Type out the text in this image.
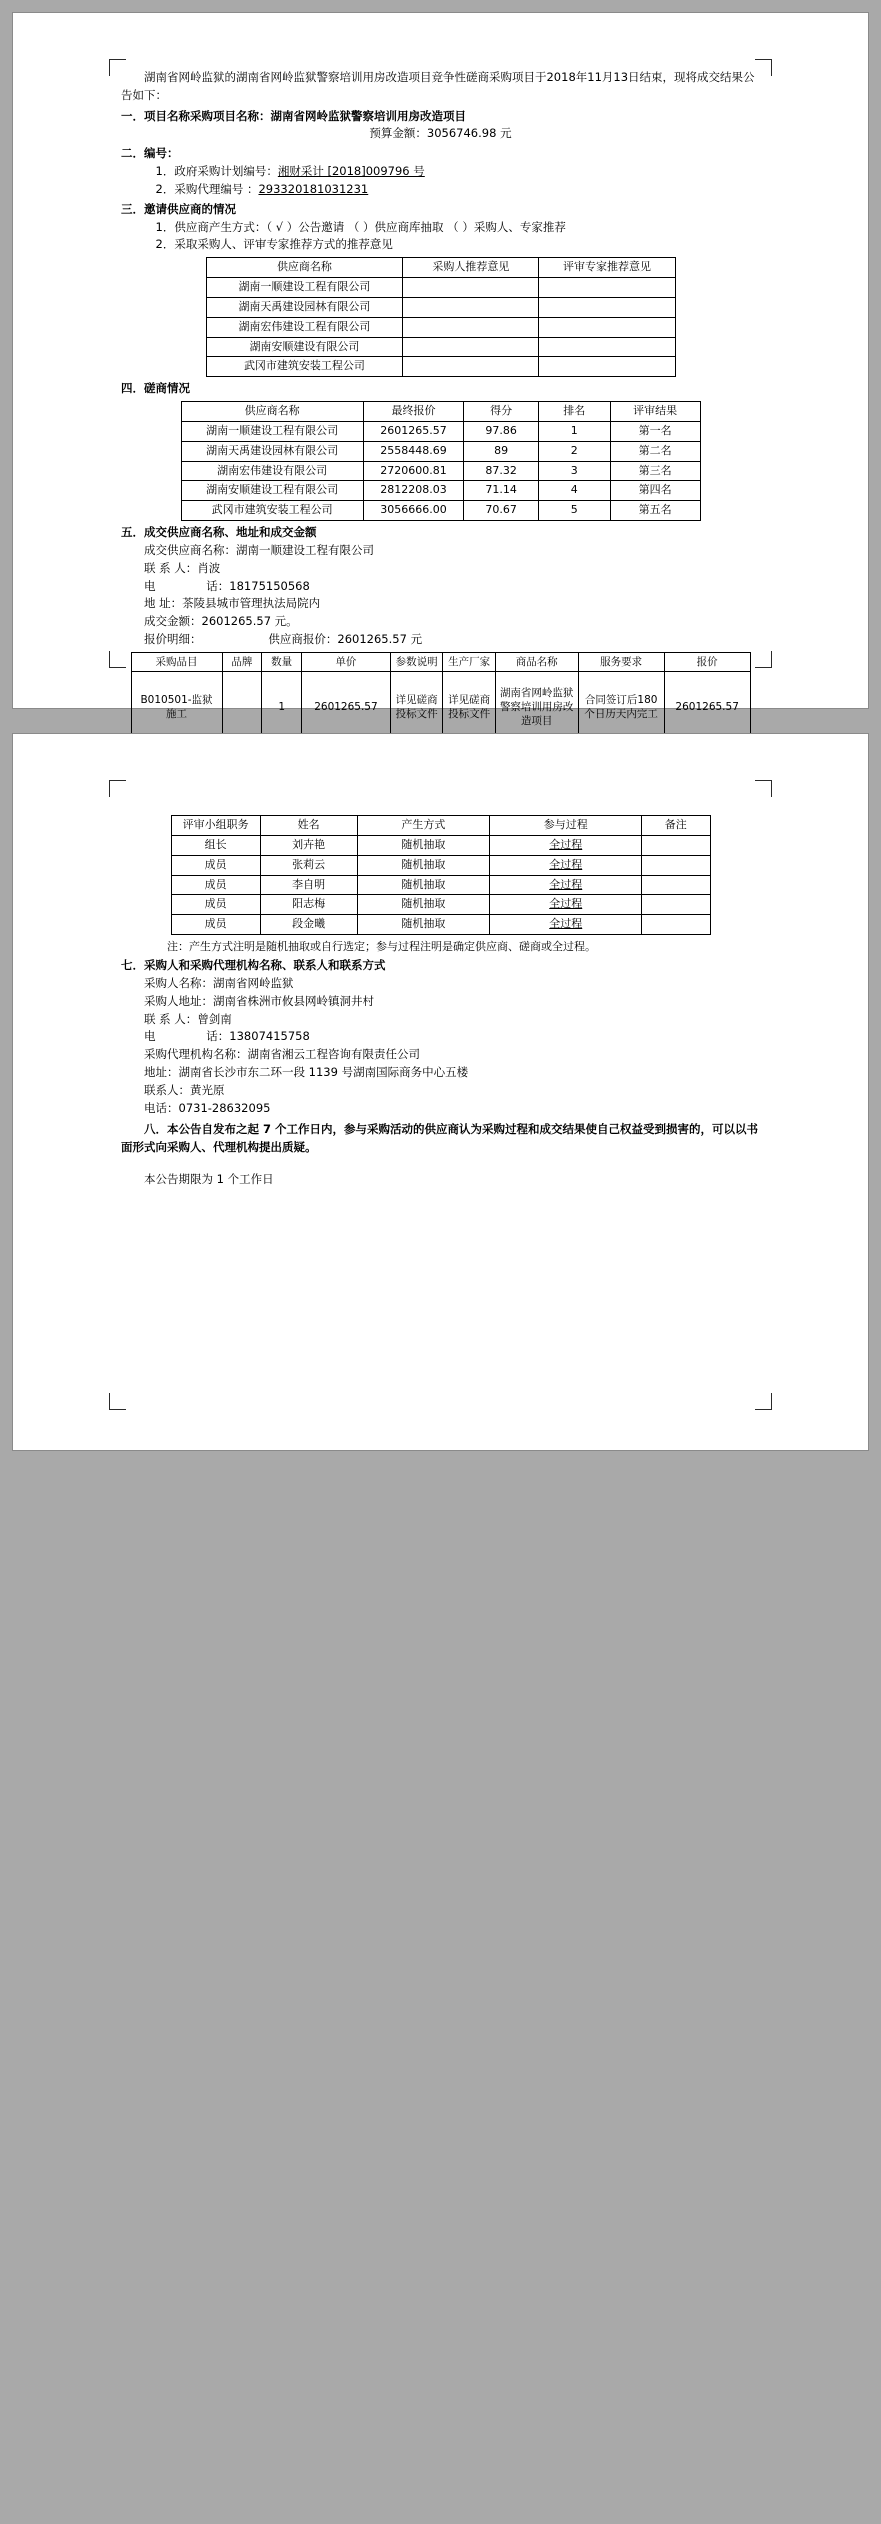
湖南省网岭监狱的湖南省网岭监狱警察培训用房改造项目竞争性磋商采购项目于2018年11月13日结束，现将成交结果公告如下：

一．项目名称采购项目名称：湖南省网岭监狱警察培训用房改造项目

预算金额：3056746.98 元

二．编号：

1．政府采购计划编号：湘财采计 [2018]009796 号

2．采购代理编号 ：293320181031231

三．邀请供应商的情况

1．供应商产生方式：（ √ ）公告邀请 （ ）供应商库抽取 （ ）采购人、专家推荐

2．采取采购人、评审专家推荐方式的推荐意见

供应商名称	采购人推荐意见	评审专家推荐意见
湖南一顺建设工程有限公司		
湖南天禹建设园林有限公司		
湖南宏伟建设工程有限公司		
湖南安顺建设有限公司		
武冈市建筑安装工程公司		

四．磋商情况

供应商名称	最终报价	得分	排名	评审结果
湖南一顺建设工程有限公司	2601265.57	97.86	1	第一名
湖南天禹建设园林有限公司	2558448.69	89	2	第二名
湖南宏伟建设有限公司	2720600.81	87.32	3	第三名
湖南安顺建设工程有限公司	2812208.03	71.14	4	第四名
武冈市建筑安装工程公司	3056666.00	70.67	5	第五名

五．成交供应商名称、地址和成交金额

成交供应商名称：湖南一顺建设工程有限公司

联 系 人：肖波

电	话：18175150568

地 址：茶陵县城市管理执法局院内

成交金额：2601265.57 元。

报价明细：	供应商报价：2601265.57 元

采购品目	品牌	数量	单价	参数说明	生产厂家	商品名称	服务要求	报价
B010501-监狱施工		1	2601265.57	详见磋商投标文件	详见磋商投标文件	湖南省网岭监狱警察培训用房改造项目	合同签订后180 个日历天内完工	2601265.57

评审小组职务	姓名	产生方式	参与过程	备注
组长	刘卉艳	随机抽取	全过程	
成员	张莉云	随机抽取	全过程	
成员	李自明	随机抽取	全过程	
成员	阳志梅	随机抽取	全过程	
成员	段金曦	随机抽取	全过程	

注：产生方式注明是随机抽取或自行选定；参与过程注明是确定供应商、磋商或全过程。

七．采购人和采购代理机构名称、联系人和联系方式

采购人名称：湖南省网岭监狱

采购人地址：湖南省株洲市攸县网岭镇洞井村

联 系 人：曾剑南

电	话：13807415758

采购代理机构名称：湖南省湘云工程咨询有限责任公司

地址：湖南省长沙市东二环一段 1139 号湖南国际商务中心五楼

联系人：黄光原

电话：0731-28632095

八．本公告自发布之起 7 个工作日内，参与采购活动的供应商认为采购过程和成交结果使自己权益受到损害的，可以以书面形式向采购人、代理机构提出质疑。

本公告期限为 1 个工作日
